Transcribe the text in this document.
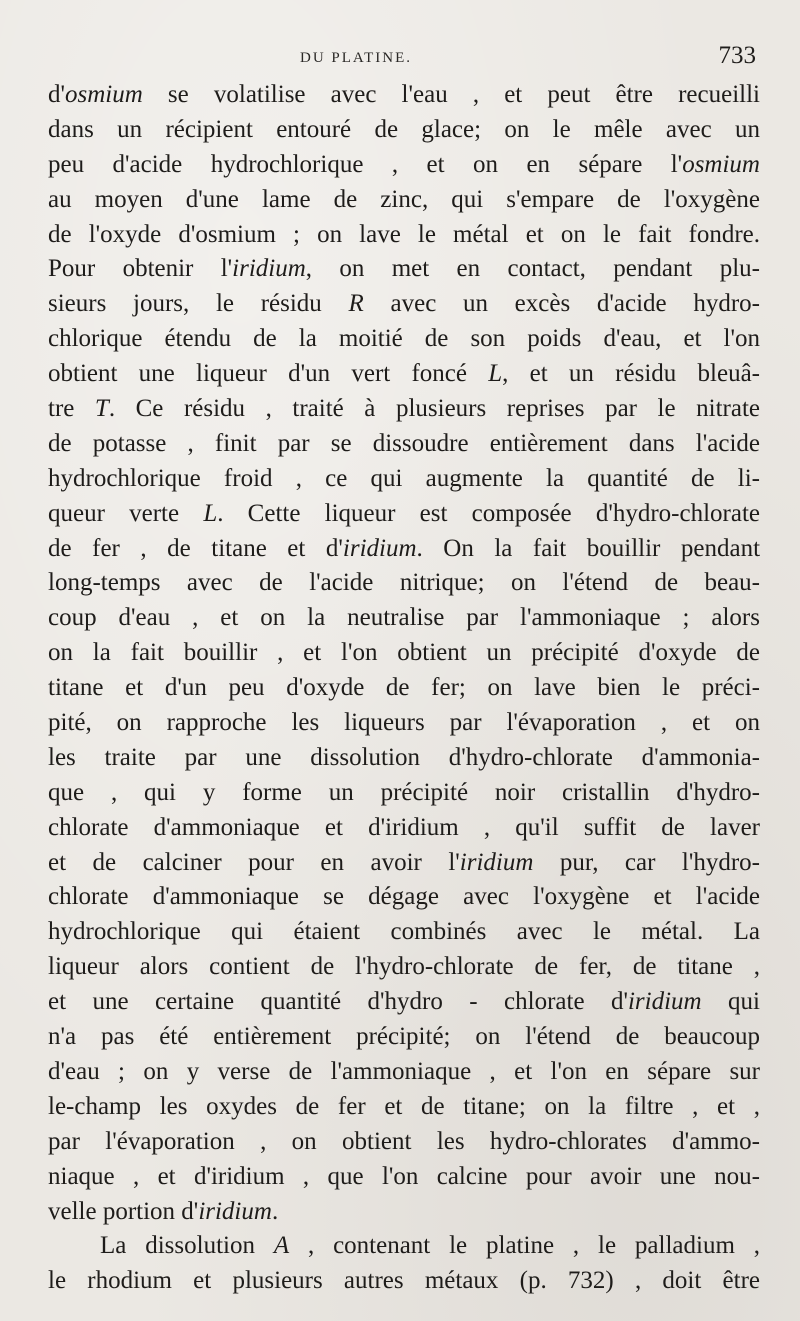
DU PLATINE.	733
d'osmium se volatilise avec l'eau , et peut être recueilli
dans un récipient entouré de glace; on le mêle avec un
peu d'acide hydrochlorique , et on en sépare l'osmium
au moyen d'une lame de zinc, qui s'empare de l'oxygène
de l'oxyde d'osmium ; on lave le métal et on le fait fondre.
Pour obtenir l'iridium, on met en contact, pendant plu-
sieurs jours, le résidu R avec un excès d'acide hydro-
chlorique étendu de la moitié de son poids d'eau, et l'on
obtient une liqueur d'un vert foncé L, et un résidu bleuâ-
tre T. Ce résidu , traité à plusieurs reprises par le nitrate
de potasse , finit par se dissoudre entièrement dans l'acide
hydrochlorique froid , ce qui augmente la quantité de li-
queur verte L. Cette liqueur est composée d'hydro-chlorate
de fer , de titane et d'iridium. On la fait bouillir pendant
long-temps avec de l'acide nitrique; on l'étend de beau-
coup d'eau , et on la neutralise par l'ammoniaque ; alors
on la fait bouillir , et l'on obtient un précipité d'oxyde de
titane et d'un peu d'oxyde de fer; on lave bien le préci-
pité, on rapproche les liqueurs par l'évaporation , et on
les traite par une dissolution d'hydro-chlorate d'ammonia-
que , qui y forme un précipité noir cristallin d'hydro-
chlorate d'ammoniaque et d'iridium , qu'il suffit de laver
et de calciner pour en avoir l'iridium pur, car l'hydro-
chlorate d'ammoniaque se dégage avec l'oxygène et l'acide
hydrochlorique qui étaient combinés avec le métal. La
liqueur alors contient de l'hydro-chlorate de fer, de titane ,
et une certaine quantité d'hydro - chlorate d'iridium qui
n'a pas été entièrement précipité; on l'étend de beaucoup
d'eau ; on y verse de l'ammoniaque , et l'on en sépare sur
le-champ les oxydes de fer et de titane; on la filtre , et ,
par l'évaporation , on obtient les hydro-chlorates d'ammo-
niaque , et d'iridium , que l'on calcine pour avoir une nou-
velle portion d'iridium.
La dissolution A , contenant le platine , le palladium ,
le rhodium et plusieurs autres métaux (p. 732) , doit être
